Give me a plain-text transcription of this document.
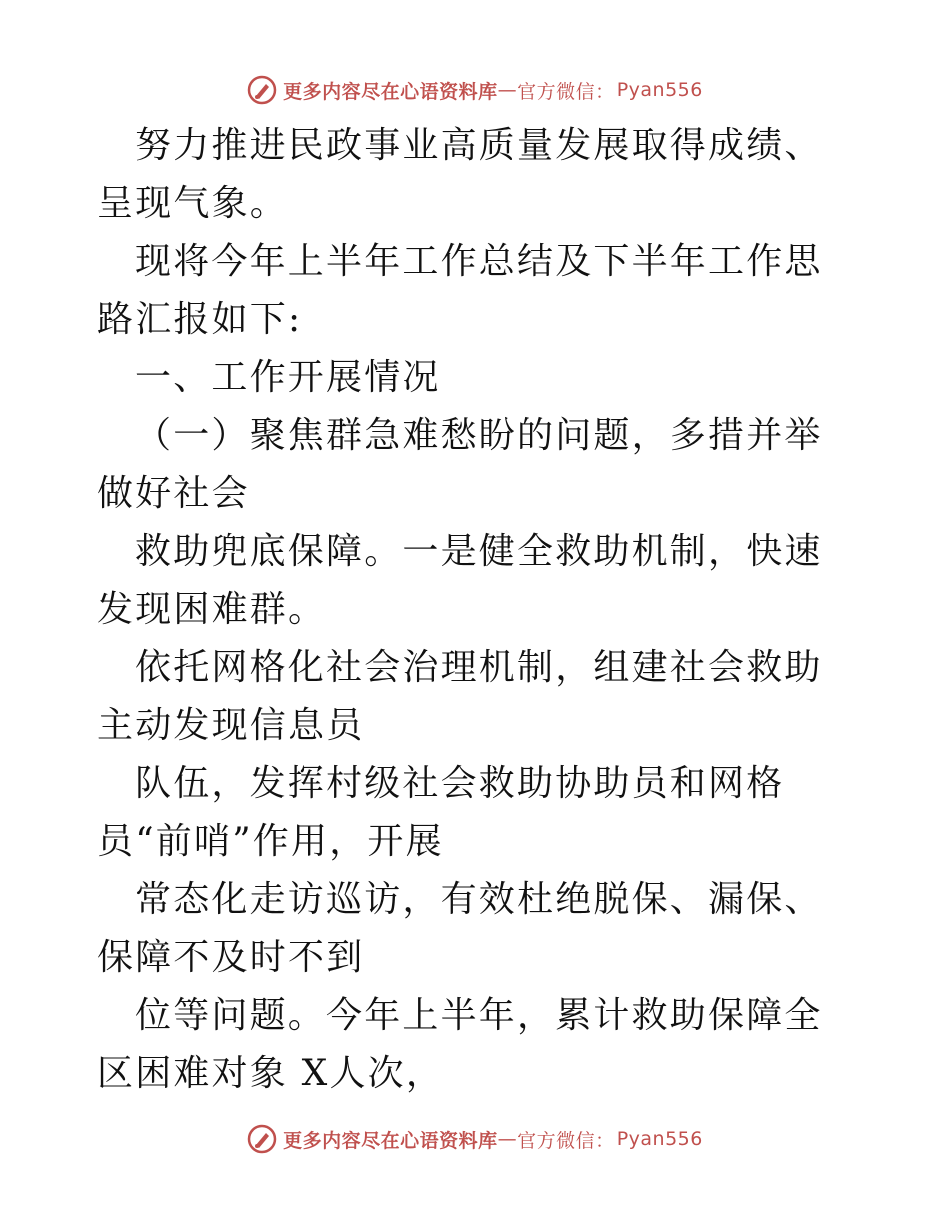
更多内容尽在心语资料库 — 官方微信： Pyan556

努力推进民政事业高质量发展取得成绩、呈现气象。

现将今年上半年工作总结及下半年工作思路汇报如下:

一、工作开展情况

（一）聚焦群急难愁盼的问题，多措并举做好社会

救助兜底保障。一是健全救助机制，快速发现困难群。

依托网格化社会治理机制，组建社会救助主动发现信息员

队伍，发挥村级社会救助协助员和网格员“前哨”作用，开展

常态化走访巡访，有效杜绝脱保、漏保、保障不及时不到

位等问题。今年上半年，累计救助保障全区困难对象 X人次，

更多内容尽在心语资料库 — 官方微信： Pyan556
